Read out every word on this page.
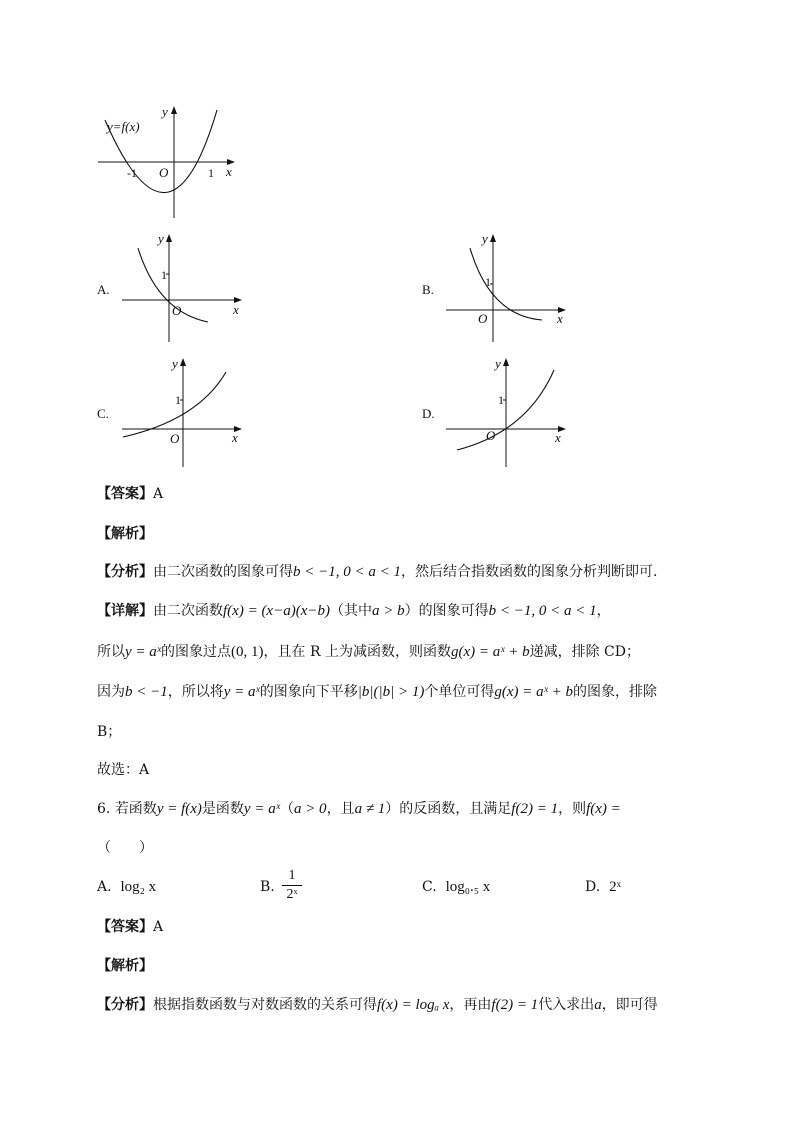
y
x
O
y=f(x)
-1	1
A.
y
x
O
1
B.
y
x
O
1
C.
y
x
O
1
D.
y
x
O
1
【答案】A
【解析】
【分析】由二次函数的图象可得b < −1, 0 < a < 1，然后结合指数函数的图象分析判断即可.
【详解】由二次函数f(x) = (x−a)(x−b)（其中a > b）的图象可得b < −1, 0 < a < 1，
所以y = aˣ的图象过点(0, 1)，且在 R 上为减函数，则函数g(x) = aˣ + b递减，排除 CD；
因为b < −1，所以将y = aˣ的图象向下平移|b|(|b| > 1)个单位可得g(x) = aˣ + b的图象，排除
B；
故选：A
6. 若函数y = f(x)是函数y = aˣ（a > 0，且a ≠ 1）的反函数，且满足f(2) = 1，则f(x) =
（　　）
A. log₂ x	B.
1
2ˣ	C. log₀.₅ x	D. 2ˣ
【答案】A
【解析】
【分析】根据指数函数与对数函数的关系可得f(x) = logₐ x，再由f(2) = 1代入求出a，即可得
